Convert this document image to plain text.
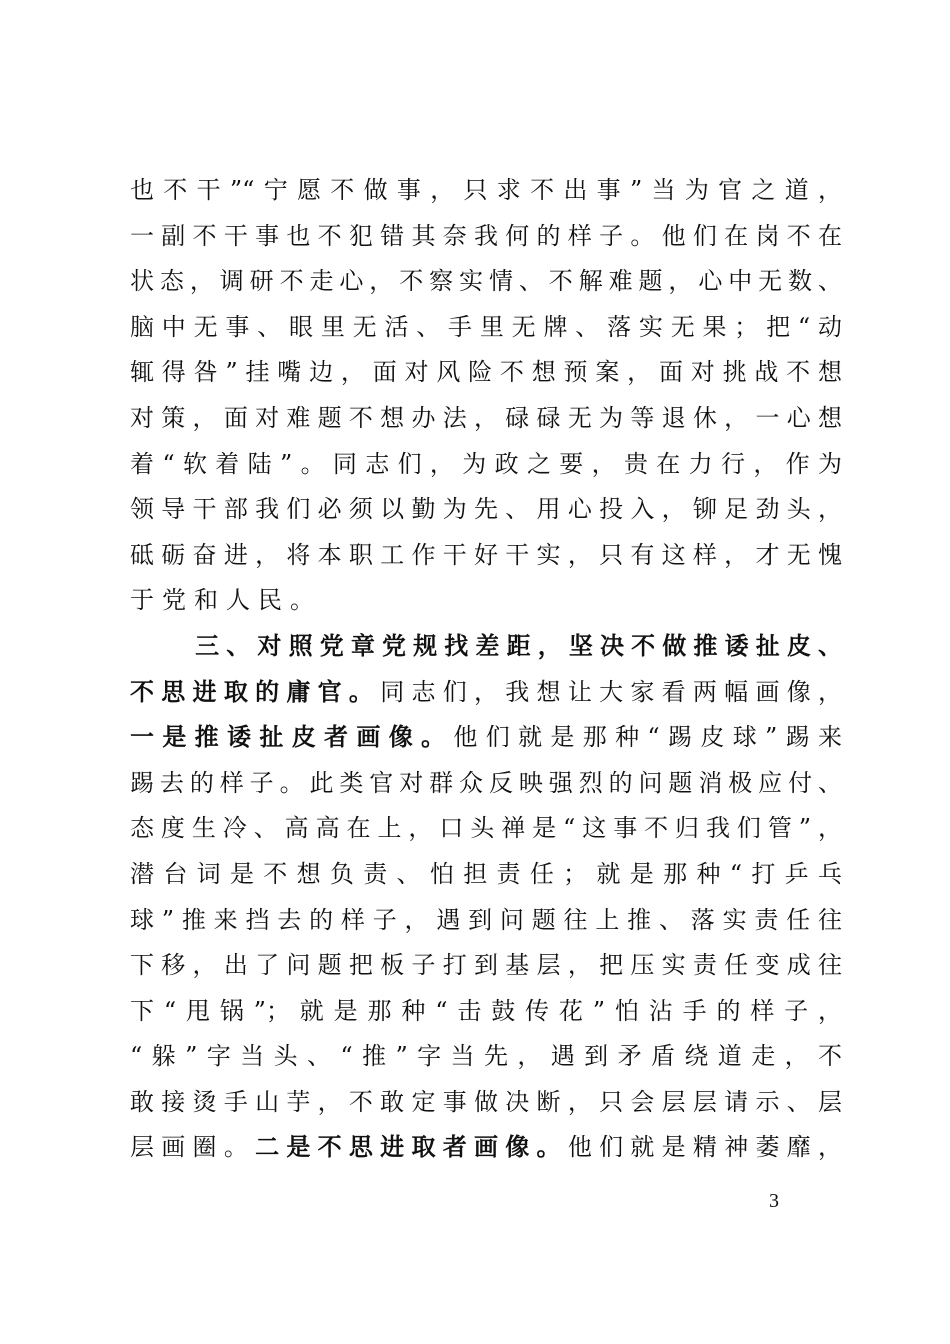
也不干”“宁愿不做事，只求不出事”当为官之道，
一副不干事也不犯错其奈我何的样子。他们在岗不在
状态，调研不走心，不察实情、不解难题，心中无数、
脑中无事、眼里无活、手里无牌、落实无果；把“动
辄得咎”挂嘴边，面对风险不想预案，面对挑战不想
对策，面对难题不想办法，碌碌无为等退休，一心想
着“软着陆”。同志们，为政之要，贵在力行，作为
领导干部我们必须以勤为先、用心投入，铆足劲头，
砥砺奋进，将本职工作干好干实，只有这样，才无愧
于党和人民。
三、对照党章党规找差距，坚决不做推诿扯皮、
不思进取的庸官。同志们，我想让大家看两幅画像，
一是推诿扯皮者画像。他们就是那种“踢皮球”踢来
踢去的样子。此类官对群众反映强烈的问题消极应付、
态度生冷、高高在上，口头禅是“这事不归我们管”，
潜台词是不想负责、怕担责任；就是那种“打乒乓
球”推来挡去的样子，遇到问题往上推、落实责任往
下移，出了问题把板子打到基层，把压实责任变成往
下“甩锅”；就是那种“击鼓传花”怕沾手的样子，
“躲”字当头、“推”字当先，遇到矛盾绕道走，不
敢接烫手山芋，不敢定事做决断，只会层层请示、层
层画圈。二是不思进取者画像。他们就是精神萎靡，
3
